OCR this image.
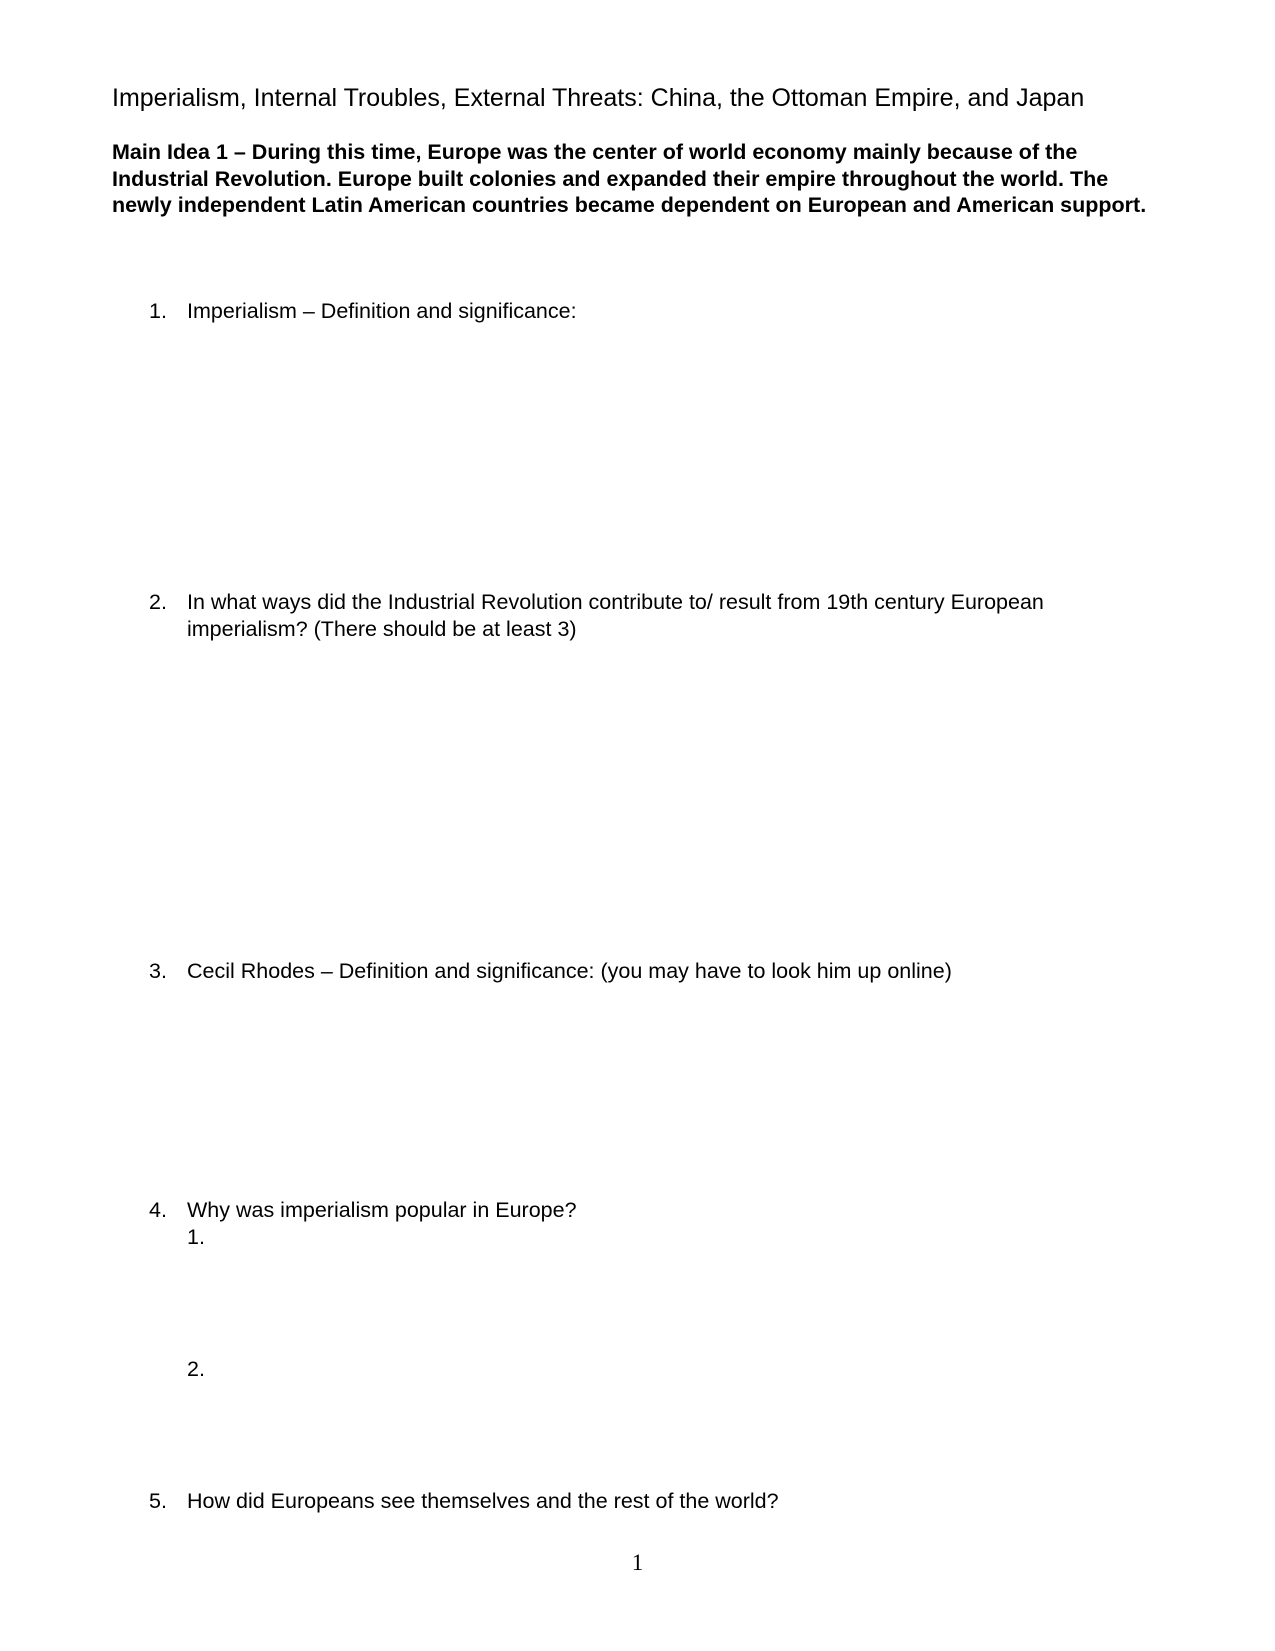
Imperialism, Internal Troubles, External Threats: China, the Ottoman Empire, and Japan
Main Idea 1 – During this time, Europe was the center of world economy mainly because of the Industrial Revolution. Europe built colonies and expanded their empire throughout the world. The newly independent Latin American countries became dependent on European and American support.
1. Imperialism – Definition and significance:
2. In what ways did the Industrial Revolution contribute to/ result from 19th century European imperialism? (There should be at least 3)
3. Cecil Rhodes – Definition and significance: (you may have to look him up online)
4. Why was imperialism popular in Europe?
1.
2.
5. How did Europeans see themselves and the rest of the world?
1
